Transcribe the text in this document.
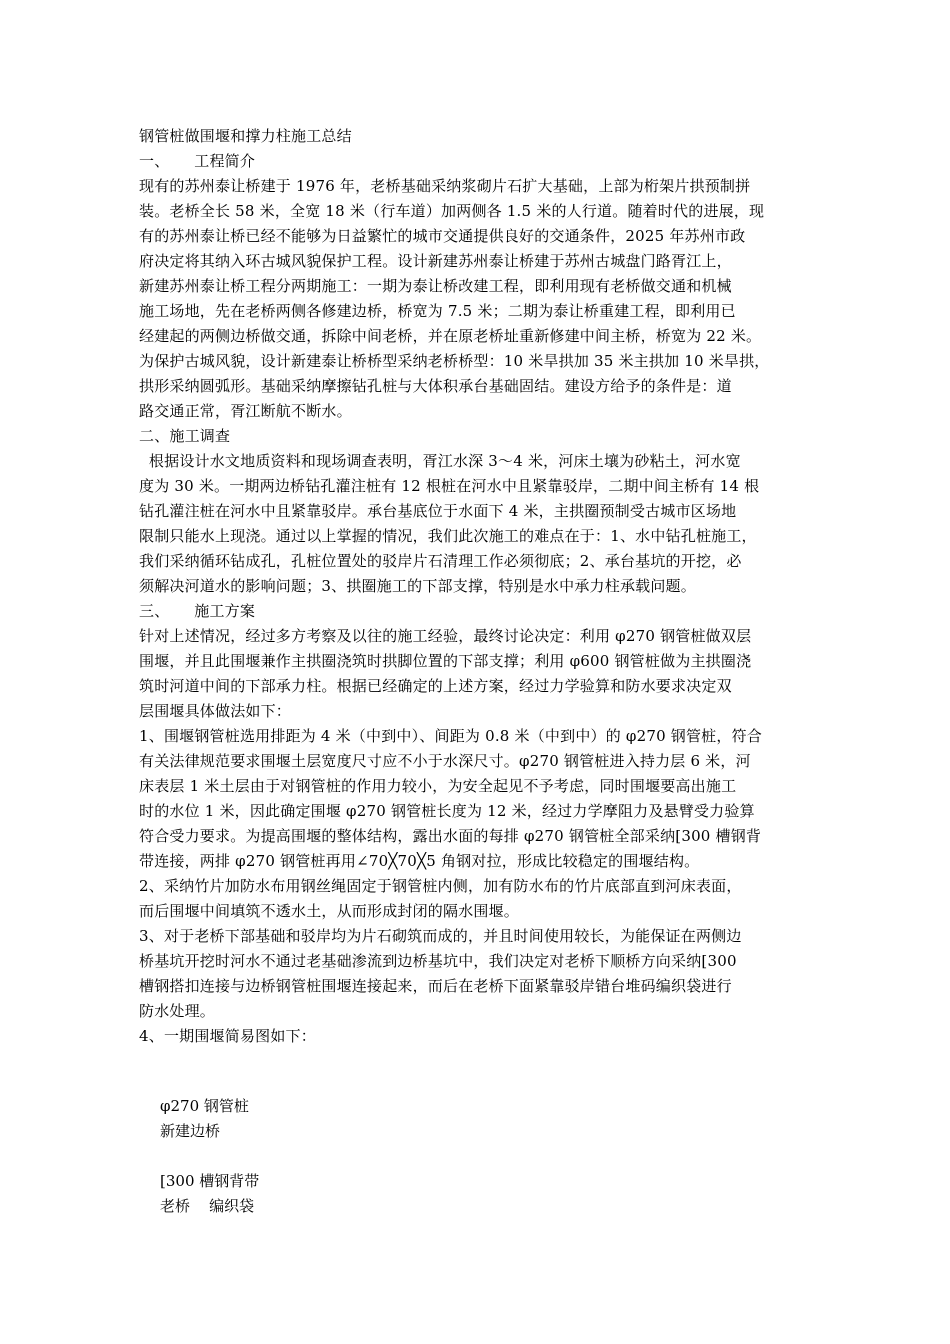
钢管桩做围堰和撑力柱施工总结
一、     工程简介
现有的苏州泰让桥建于 1976 年，老桥基础采纳浆砌片石扩大基础，上部为桁架片拱预制拼
装。老桥全长 58 米，全宽 18 米（行车道）加两侧各 1.5 米的人行道。随着时代的进展，现
有的苏州泰让桥已经不能够为日益繁忙的城市交通提供良好的交通条件，2025 年苏州市政
府决定将其纳入环古城风貌保护工程。设计新建苏州泰让桥建于苏州古城盘门路胥江上，
新建苏州泰让桥工程分两期施工：一期为泰让桥改建工程，即利用现有老桥做交通和机械
施工场地，先在老桥两侧各修建边桥，桥宽为 7.5 米；二期为泰让桥重建工程，即利用已
经建起的两侧边桥做交通，拆除中间老桥，并在原老桥址重新修建中间主桥，桥宽为 22 米。
为保护古城风貌，设计新建泰让桥桥型采纳老桥桥型：10 米旱拱加 35 米主拱加 10 米旱拱，
拱形采纳圆弧形。基础采纳摩擦钻孔桩与大体积承台基础固结。建设方给予的条件是：道
路交通正常，胥江断航不断水。
二、施工调查
根据设计水文地质资料和现场调查表明，胥江水深 3～4 米，河床土壤为砂粘土，河水宽
度为 30 米。一期两边桥钻孔灌注桩有 12 根桩在河水中且紧靠驳岸，二期中间主桥有 14 根
钻孔灌注桩在河水中且紧靠驳岸。承台基底位于水面下 4 米，主拱圈预制受古城市区场地
限制只能水上现浇。通过以上掌握的情况，我们此次施工的难点在于：1、水中钻孔桩施工，
我们采纳循环钻成孔，孔桩位置处的驳岸片石清理工作必须彻底；2、承台基坑的开挖，必
须解决河道水的影响问题；3、拱圈施工的下部支撑，特别是水中承力柱承载问题。
三、     施工方案
针对上述情况，经过多方考察及以往的施工经验，最终讨论决定：利用 φ270 钢管桩做双层
围堰，并且此围堰兼作主拱圈浇筑时拱脚位置的下部支撑；利用 φ600 钢管桩做为主拱圈浇
筑时河道中间的下部承力柱。根据已经确定的上述方案，经过力学验算和防水要求决定双
层围堰具体做法如下：
1、围堰钢管桩选用排距为 4 米（中到中）、间距为 0.8 米（中到中）的 φ270 钢管桩，符合
有关法律规范要求围堰土层宽度尺寸应不小于水深尺寸。φ270 钢管桩进入持力层 6 米，河
床表层 1 米土层由于对钢管桩的作用力较小，为安全起见不予考虑，同时围堰要高出施工
时的水位 1 米，因此确定围堰 φ270 钢管桩长度为 12 米，经过力学摩阻力及悬臂受力验算
符合受力要求。为提高围堰的整体结构，露出水面的每排 φ270 钢管桩全部采纳[300 槽钢背
带连接，两排 φ270 钢管桩再用∠70╳70╳5 角钢对拉，形成比较稳定的围堰结构。
2、采纳竹片加防水布用钢丝绳固定于钢管桩内侧，加有防水布的竹片底部直到河床表面，
而后围堰中间填筑不透水土，从而形成封闭的隔水围堰。
3、对于老桥下部基础和驳岸均为片石砌筑而成的，并且时间使用较长，为能保证在两侧边
桥基坑开挖时河水不通过老基础渗流到边桥基坑中，我们决定对老桥下顺桥方向采纳[300
槽钢搭扣连接与边桥钢管桩围堰连接起来，而后在老桥下面紧靠驳岸错台堆码编织袋进行
防水处理。
4、一期围堰简易图如下：
φ270 钢管桩
新建边桥
[300 槽钢背带
老桥 编织袋
